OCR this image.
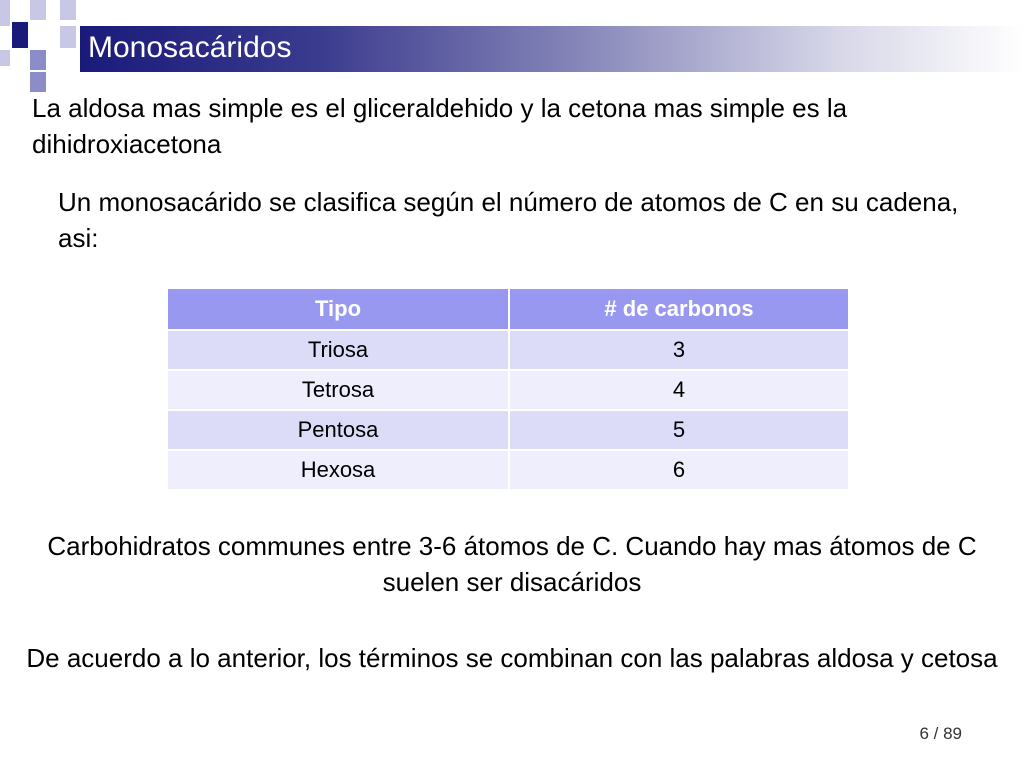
Monosacáridos

La aldosa mas simple es el gliceraldehido y la cetona mas simple es la dihidroxiacetona

Un monosacárido se clasifica según el número de atomos de C en su cadena, asi:

Tipo	# de carbonos
Triosa	3
Tetrosa	4
Pentosa	5
Hexosa	6

Carbohidratos communes entre 3-6 átomos de C. Cuando hay mas átomos de C suelen ser disacáridos

De acuerdo a lo anterior, los términos se combinan con las palabras aldosa y cetosa

6 / 89
